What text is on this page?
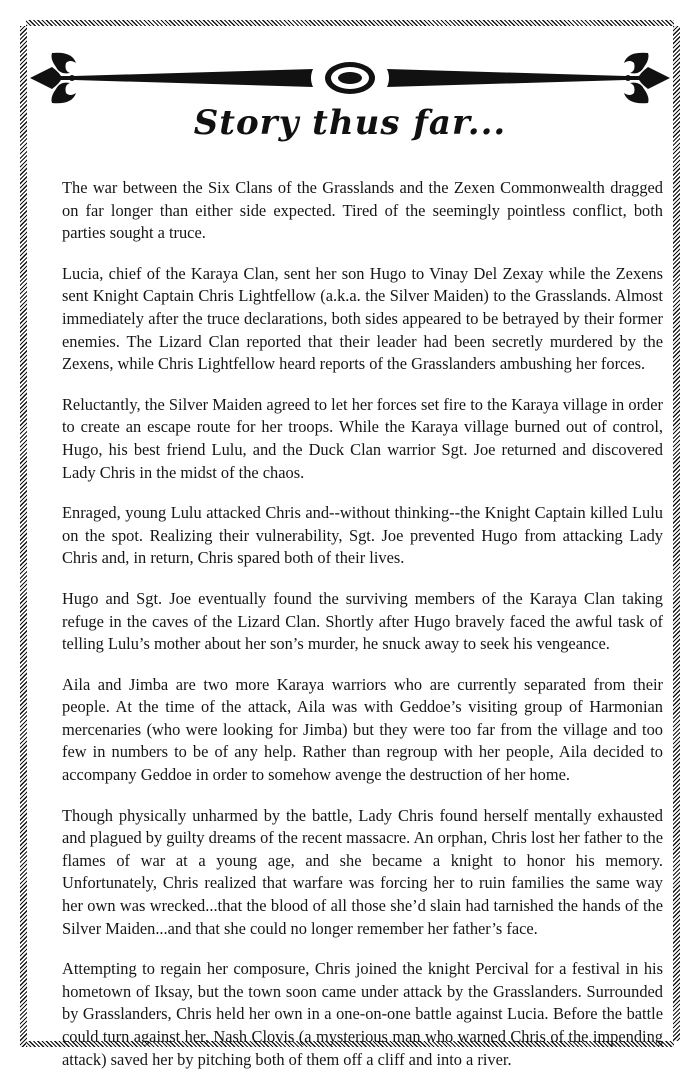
Story thus far...

The war between the Six Clans of the Grasslands and the Zexen Commonwealth dragged on far longer than either side expected. Tired of the seemingly pointless conflict, both parties sought a truce.

Lucia, chief of the Karaya Clan, sent her son Hugo to Vinay Del Zexay while the Zexens sent Knight Captain Chris Lightfellow (a.k.a. the Silver Maiden) to the Grasslands. Almost immediately after the truce declarations, both sides appeared to be betrayed by their former enemies. The Lizard Clan reported that their leader had been secretly murdered by the Zexens, while Chris Lightfellow heard reports of the Grasslanders ambushing her forces.

Reluctantly, the Silver Maiden agreed to let her forces set fire to the Karaya village in order to create an escape route for her troops. While the Karaya village burned out of control, Hugo, his best friend Lulu, and the Duck Clan warrior Sgt. Joe returned and discovered Lady Chris in the midst of the chaos.

Enraged, young Lulu attacked Chris and--without thinking--the Knight Captain killed Lulu on the spot. Realizing their vulnerability, Sgt. Joe prevented Hugo from attacking Lady Chris and, in return, Chris spared both of their lives.

Hugo and Sgt. Joe eventually found the surviving members of the Karaya Clan taking refuge in the caves of the Lizard Clan. Shortly after Hugo bravely faced the awful task of telling Lulu’s mother about her son’s murder, he snuck away to seek his vengeance.

Aila and Jimba are two more Karaya warriors who are currently separated from their people. At the time of the attack, Aila was with Geddoe’s visiting group of Harmonian mercenaries (who were looking for Jimba) but they were too far from the village and too few in numbers to be of any help. Rather than regroup with her people, Aila decided to accompany Geddoe in order to somehow avenge the destruction of her home.

Though physically unharmed by the battle, Lady Chris found herself mentally exhausted and plagued by guilty dreams of the recent massacre. An orphan, Chris lost her father to the flames of war at a young age, and she became a knight to honor his memory. Unfortunately, Chris realized that warfare was forcing her to ruin families the same way her own was wrecked...that the blood of all those she’d slain had tarnished the hands of the Silver Maiden...and that she could no longer remember her father’s face.

Attempting to regain her composure, Chris joined the knight Percival for a festival in his hometown of Iksay, but the town soon came under attack by the Grasslanders. Surrounded by Grasslanders, Chris held her own in a one-on-one battle against Lucia. Before the battle could turn against her, Nash Clovis (a mysterious man who warned Chris of the impending attack) saved her by pitching both of them off a cliff and into a river.
